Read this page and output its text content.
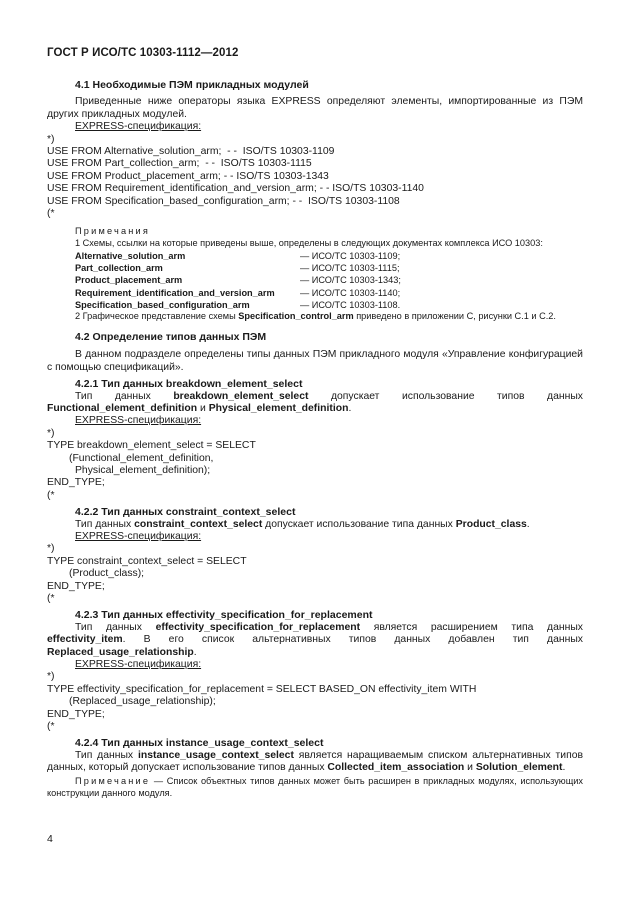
ГОСТ Р ИСО/ТС 10303-1112—2012

4.1 Необходимые ПЭМ прикладных модулей

Приведенные ниже операторы языка EXPRESS определяют элементы, импортированные из ПЭМ других прикладных модулей.

EXPRESS-спецификация:

*)

USE FROM Alternative_solution_arm;  - -  ISO/TS 10303-1109

USE FROM Part_collection_arm;  - -  ISO/TS 10303-1115

USE FROM Product_placement_arm; - - ISO/TS 10303-1343

USE FROM Requirement_identification_and_version_arm; - - ISO/TS 10303-1140

USE FROM Specification_based_configuration_arm; - -  ISO/TS 10303-1108

(*

Примечания

1 Схемы, ссылки на которые приведены выше, определены в следующих документах комплекса ИСО 10303:

Alternative_solution_arm	— ИСО/ТС 10303-1109;
Part_collection_arm	— ИСО/ТС 10303-1115;
Product_placement_arm	— ИСО/ТС 10303-1343;
Requirement_identification_and_version_arm	— ИСО/ТС 10303-1140;
Specification_based_configuration_arm	— ИСО/ТС 10303-1108.

2 Графическое представление схемы Specification_control_arm приведено в приложении С, рисунки С.1 и С.2.

4.2 Определение типов данных ПЭМ

В данном подразделе определены типы данных ПЭМ прикладного модуля «Управление конфигурацией с помощью спецификаций».

4.2.1 Тип данных breakdown_element_select

Тип данных breakdown_element_select допускает использование типов данных Functional_element_definition и Physical_element_definition.

EXPRESS-спецификация:

*)

TYPE breakdown_element_select = SELECT

(Functional_element_definition,

Physical_element_definition);

END_TYPE;

(*

4.2.2 Тип данных constraint_context_select

Тип данных constraint_context_select допускает использование типа данных Product_class.

EXPRESS-спецификация:

*)

TYPE constraint_context_select = SELECT

(Product_class);

END_TYPE;

(*

4.2.3 Тип данных effectivity_specification_for_replacement

Тип данных effectivity_specification_for_replacement является расширением типа данных effectivity_item. В его список альтернативных типов данных добавлен тип данных Replaced_usage_relationship.

EXPRESS-спецификация:

*)

TYPE effectivity_specification_for_replacement = SELECT BASED_ON effectivity_item WITH

(Replaced_usage_relationship);

END_TYPE;

(*

4.2.4 Тип данных instance_usage_context_select

Тип данных instance_usage_context_select является наращиваемым списком альтернативных типов данных, который допускает использование типов данных Collected_item_association и Solution_element.

Примечание — Список объектных типов данных может быть расширен в прикладных модулях, использующих конструкции данного модуля.

4
